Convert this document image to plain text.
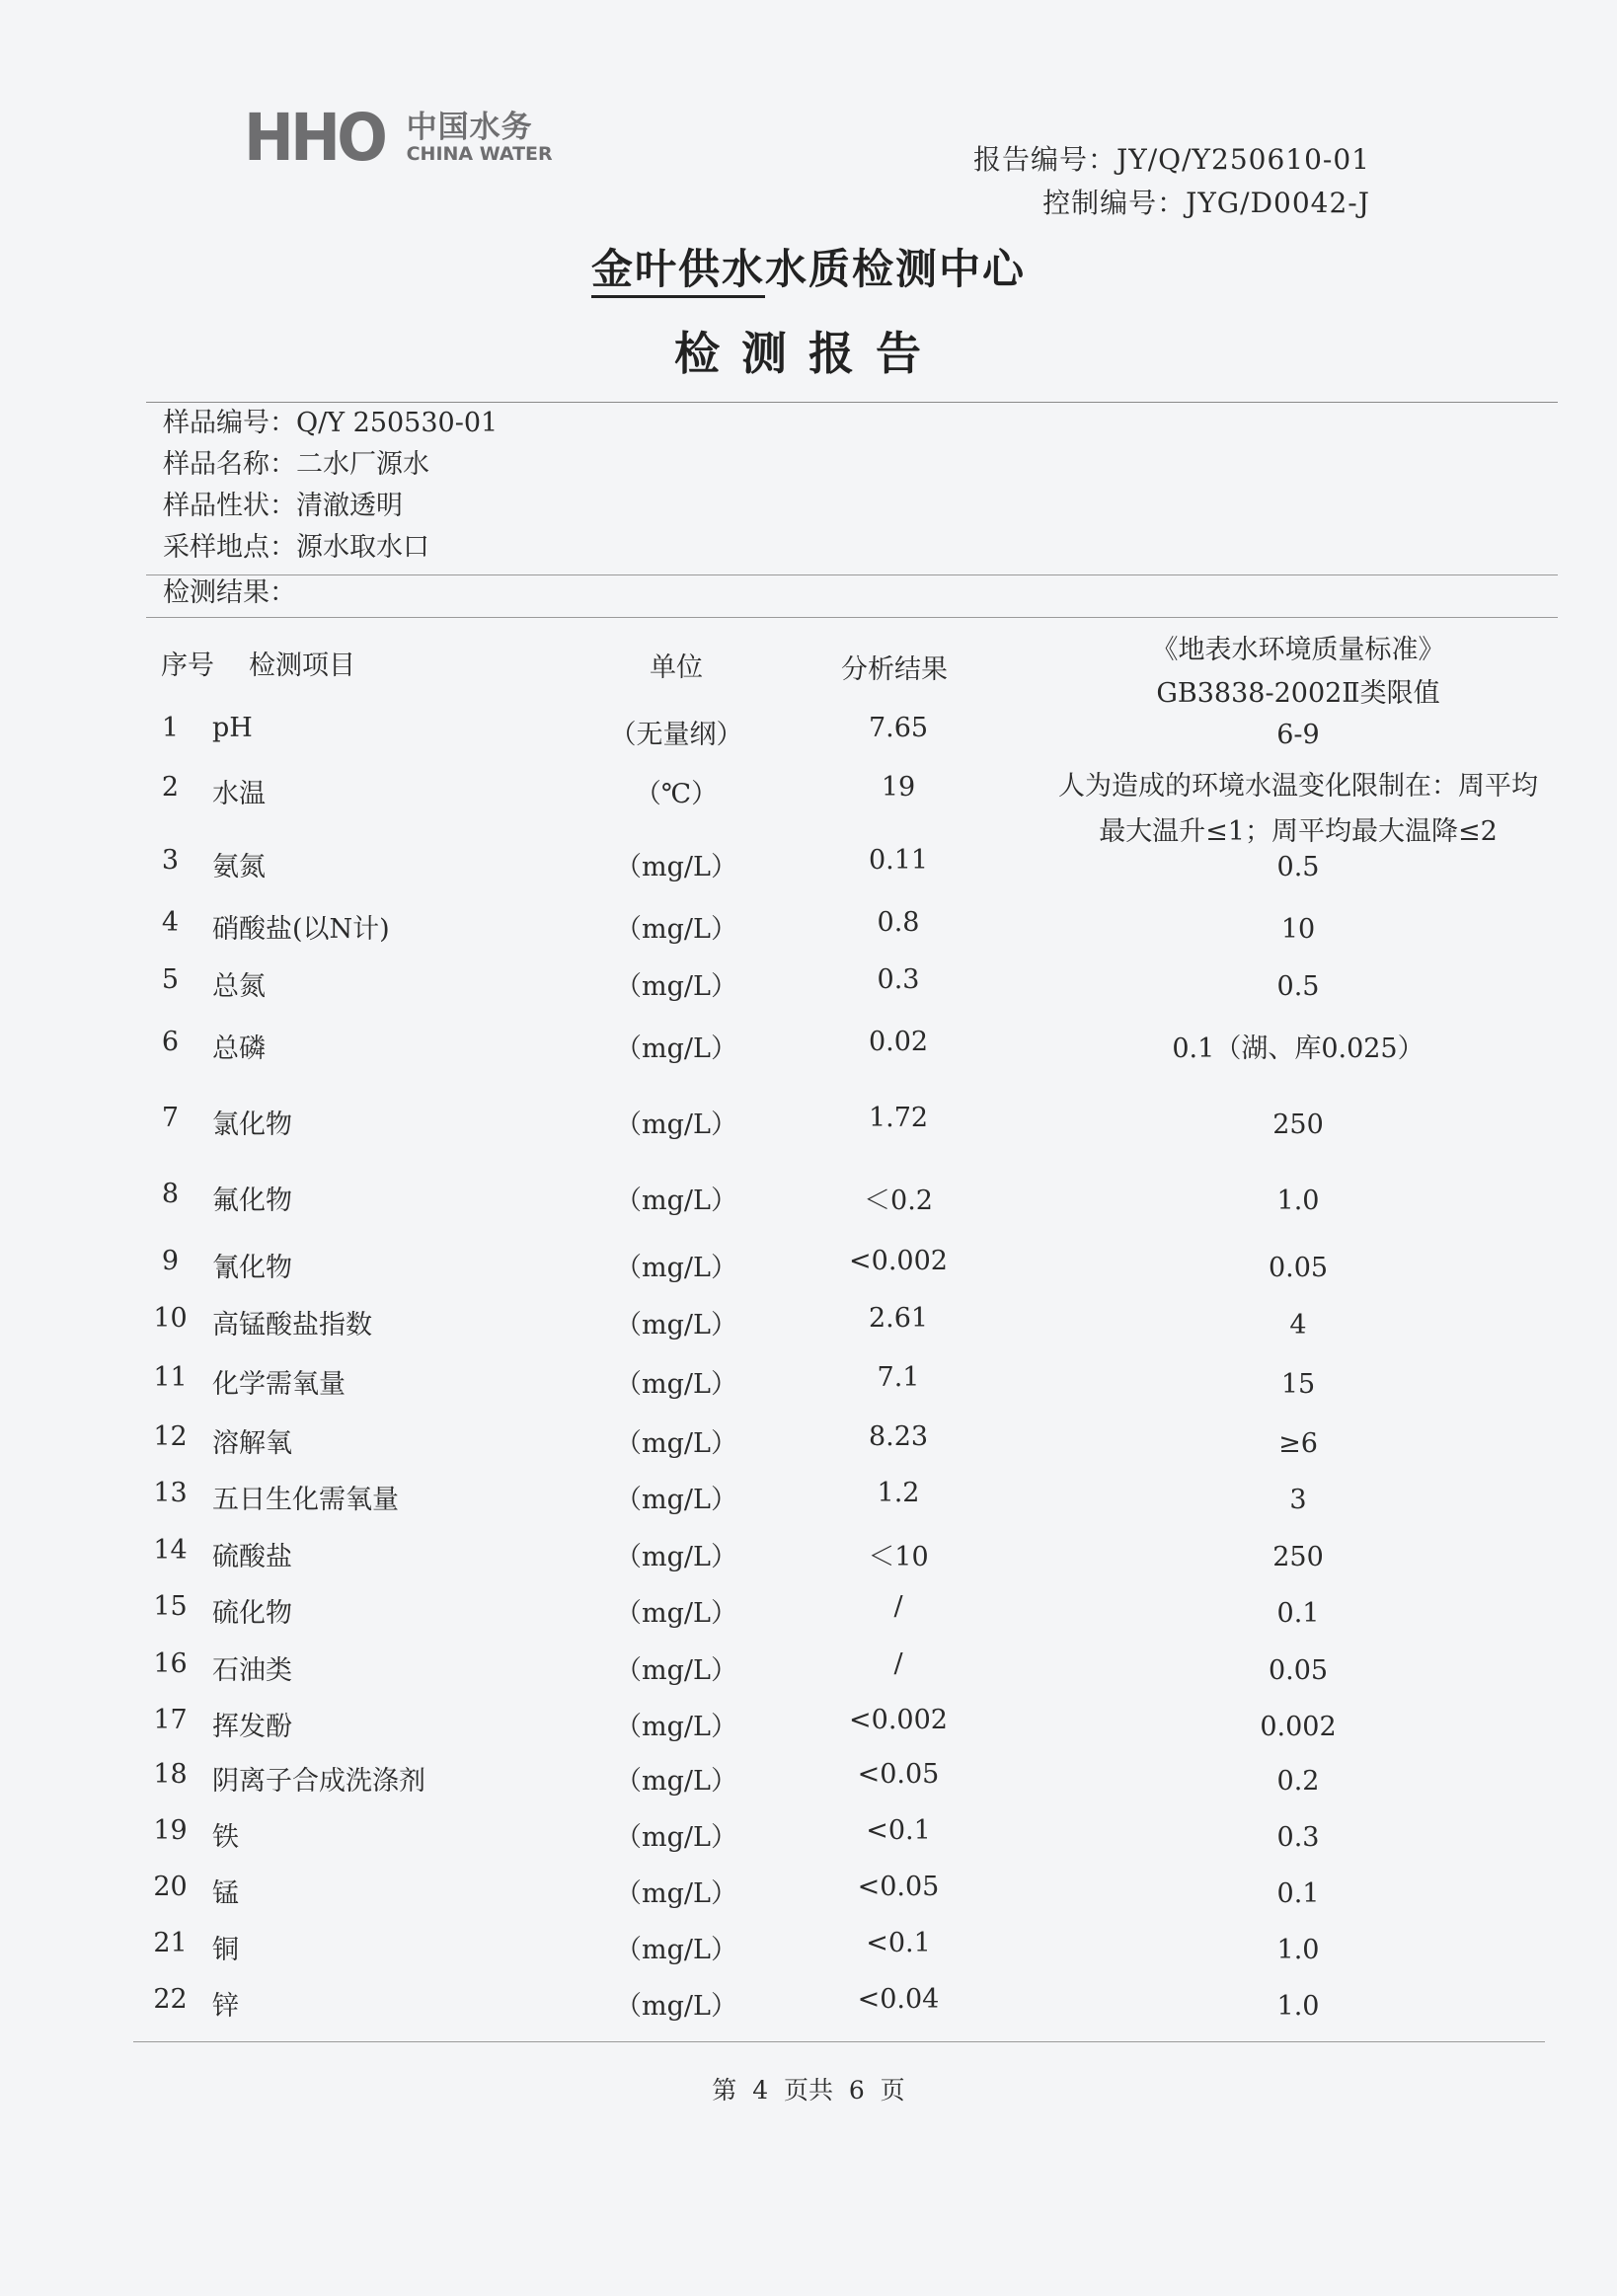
HHO 中国水务
CHINA WATER	报告编号：JY/Q/Y250610-01
控制编号：JYG/D0042-J
金叶供水水质检测中心
检测报告
样品编号：Q/Y 250530-01
样品名称：二水厂源水
样品性状：清澈透明
采样地点：源水取水口
检测结果：
序号 检测项目	单位	分析结果
《地表水环境质量标准》
GB3838-2002Ⅱ类限值
1	pH	（无量纲）	7.65	6-9
2	水温	（℃）	19	人为造成的环境水温变化限制在：周平均最大温升≤1；周平均最大温降≤2
3	氨氮	（mg/L）	0.11	0.5
4	硝酸盐(以N计)	（mg/L）	0.8	10
5	总氮	（mg/L）	0.3	0.5
6	总磷	（mg/L）	0.02	0.1（湖、库0.025）
7	氯化物	（mg/L）	1.72	250
8	氟化物	（mg/L）	＜0.2	1.0
9	氰化物	（mg/L）	<0.002	0.05
10 高锰酸盐指数	（mg/L）	2.61	4
11 化学需氧量	（mg/L）	7.1	15
12 溶解氧	（mg/L）	8.23	≥6
13 五日生化需氧量	（mg/L）	1.2	3
14 硫酸盐	（mg/L）	＜10	250
15 硫化物	（mg/L）	/	0.1
16 石油类	（mg/L）	/	0.05
17 挥发酚	（mg/L）	<0.002	0.002
18 阴离子合成洗涤剂	（mg/L）	<0.05	0.2
19 铁	（mg/L）	<0.1	0.3
20 锰	（mg/L）	<0.05	0.1
21 铜	（mg/L）	<0.1	1.0
22 锌	（mg/L）	<0.04	1.0
第  4  页共  6  页
